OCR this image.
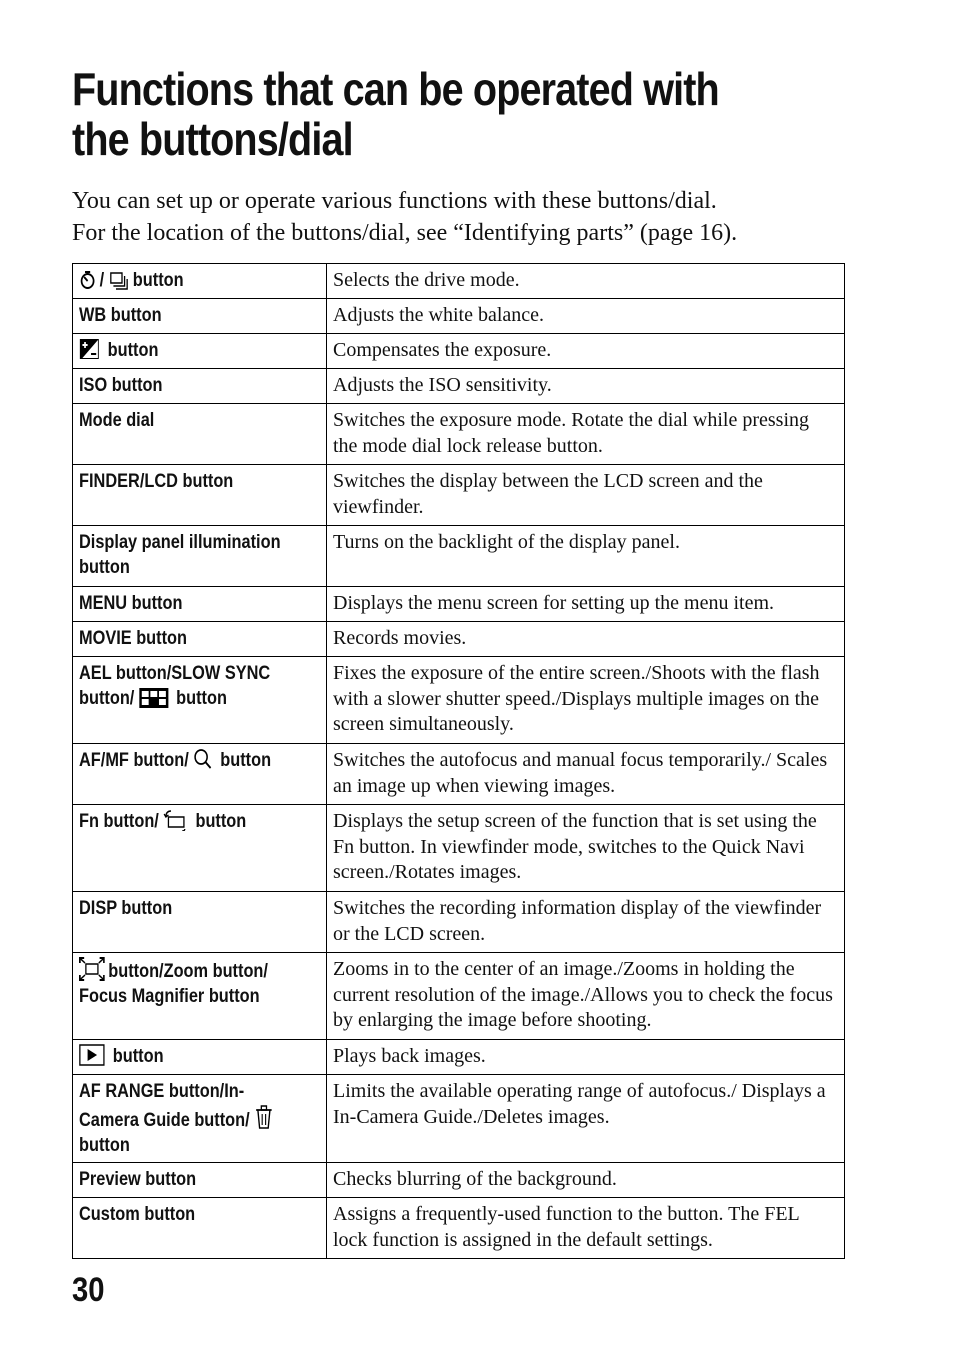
Functions that can be operated with
the buttons/dial

You can set up or operate various functions with these buttons/dial.

For the location of the buttons/dial, see “Identifying parts” (page 16).

/ button	Selects the drive mode.
WB button	Adjusts the white balance.
button	Compensates the exposure.
ISO button	Adjusts the ISO sensitivity.
Mode dial	Switches the exposure mode. Rotate the dial while pressing the mode dial lock release button.
FINDER/LCD button	Switches the display between the LCD screen and the viewfinder.
Display panel illumination
button	Turns on the backlight of the display panel.
MENU button	Displays the menu screen for setting up the menu item.
MOVIE button	Records movies.
AEL button/SLOW SYNC
button/ button	Fixes the exposure of the entire screen./Shoots with the flash with a slower shutter speed./Displays multiple images on the screen simultaneously.
AF/MF button/ button	Switches the autofocus and manual focus temporarily./ Scales an image up when viewing images.
Fn button/ button	Displays the setup screen of the function that is set using the Fn button. In viewfinder mode, switches to the Quick Navi screen./Rotates images.
DISP button	Switches the recording information display of the viewfinder or the LCD screen.
button/Zoom button/
Focus Magnifier button	Zooms in to the center of an image./Zooms in holding the current resolution of the image./Allows you to check the focus by enlarging the image before shooting.
button	Plays back images.
AF RANGE button/In-
Camera Guide button/
button	Limits the available operating range of autofocus./ Displays a In-Camera Guide./Deletes images.
Preview button	Checks blurring of the background.
Custom button	Assigns a frequently-used function to the button. The FEL lock function is assigned in the default settings.
30
